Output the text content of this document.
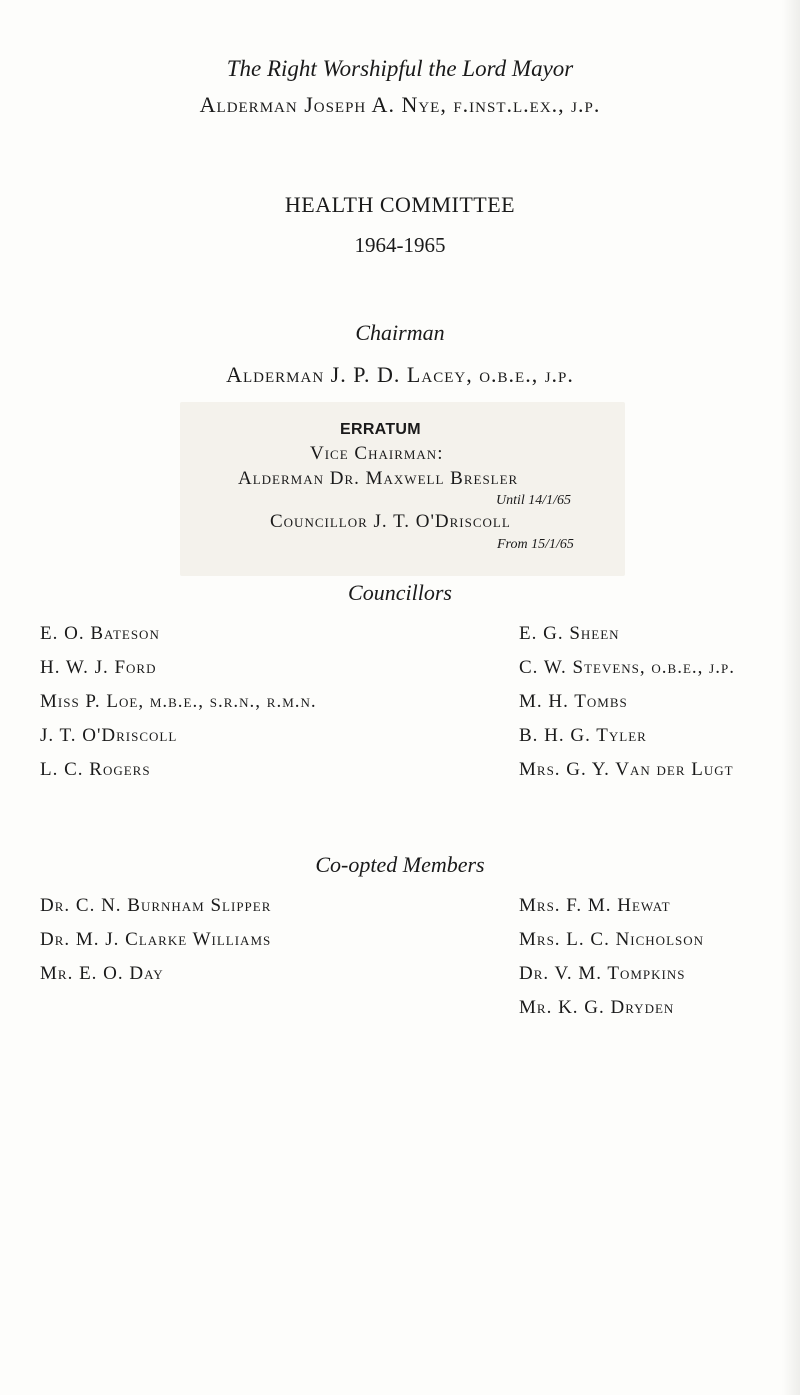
The Right Worshipful the Lord Mayor
Alderman Joseph A. Nye, f.inst.l.ex., j.p.
HEALTH COMMITTEE
1964-1965
Chairman
Alderman J. P. D. Lacey, o.b.e., j.p.
ERRATUM
Vice Chairman:
Alderman Dr. Maxwell Bresler
Until 14/1/65
Councillor J. T. O'Driscoll
From 15/1/65
Councillors
E. O. Bateson
H. W. J. Ford
Miss P. Loe, m.b.e., s.r.n., r.m.n.
J. T. O'Driscoll
L. C. Rogers
E. G. Sheen
C. W. Stevens, o.b.e., j.p.
M. H. Tombs
B. H. G. Tyler
Mrs. G. Y. Van der Lugt
Co-opted Members
Dr. C. N. Burnham Slipper
Dr. M. J. Clarke Williams
Mr. E. O. Day
Mrs. F. M. Hewat
Mrs. L. C. Nicholson
Dr. V. M. Tompkins
Mr. K. G. Dryden
